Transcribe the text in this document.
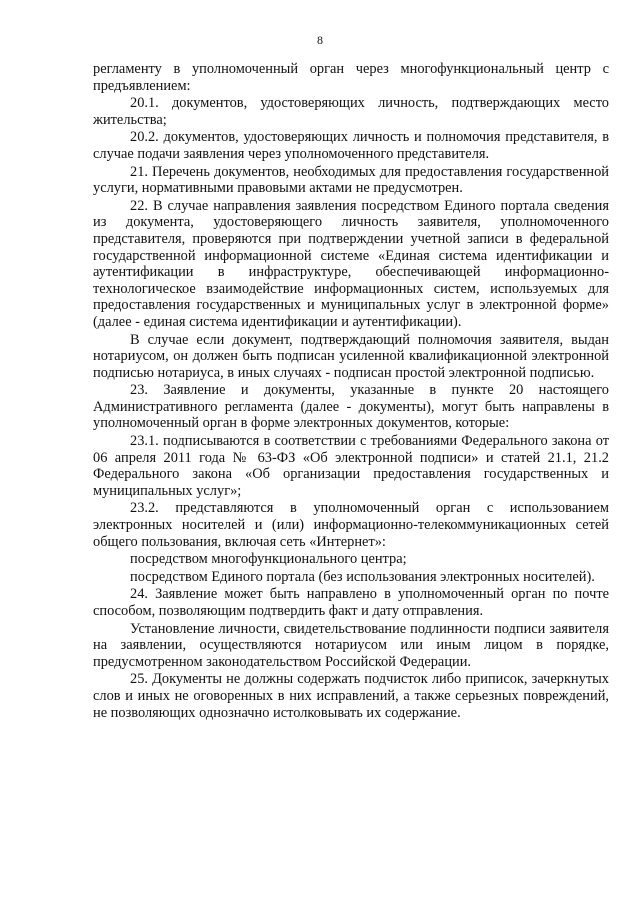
8

регламенту в уполномоченный орган через многофункциональный центр с предъявлением:

20.1. документов, удостоверяющих личность, подтверждающих место жительства;

20.2. документов, удостоверяющих личность и полномочия представителя, в случае подачи заявления через уполномоченного представителя.

21. Перечень документов, необходимых для предоставления государственной услуги, нормативными правовыми актами не предусмотрен.

22. В случае направления заявления посредством Единого портала сведения из документа, удостоверяющего личность заявителя, уполномоченного представителя, проверяются при подтверждении учетной записи в федеральной государственной информационной системе «Единая система идентификации и аутентификации в инфраструктуре, обеспечивающей информационно-технологическое взаимодействие информационных систем, используемых для предоставления государственных и муниципальных услуг в электронной форме» (далее - единая система идентификации и аутентификации).

В случае если документ, подтверждающий полномочия заявителя, выдан нотариусом, он должен быть подписан усиленной квалификационной электронной подписью нотариуса, в иных случаях - подписан простой электронной подписью.

23. Заявление и документы, указанные в пункте 20 настоящего Административного регламента (далее - документы), могут быть направлены в уполномоченный орган в форме электронных документов, которые:

23.1. подписываются в соответствии с требованиями Федерального закона от 06 апреля 2011 года № 63-ФЗ «Об электронной подписи» и статей 21.1, 21.2 Федерального закона «Об организации предоставления государственных и муниципальных услуг»;

23.2. представляются в уполномоченный орган с использованием электронных носителей и (или) информационно-телекоммуникационных сетей общего пользования, включая сеть «Интернет»:

посредством многофункционального центра;

посредством Единого портала (без использования электронных носителей).

24. Заявление может быть направлено в уполномоченный орган по почте способом, позволяющим подтвердить факт и дату отправления.

Установление личности, свидетельствование подлинности подписи заявителя на заявлении, осуществляются нотариусом или иным лицом в порядке, предусмотренном законодательством Российской Федерации.

25. Документы не должны содержать подчисток либо приписок, зачеркнутых слов и иных не оговоренных в них исправлений, а также серьезных повреждений, не позволяющих однозначно истолковывать их содержание.
